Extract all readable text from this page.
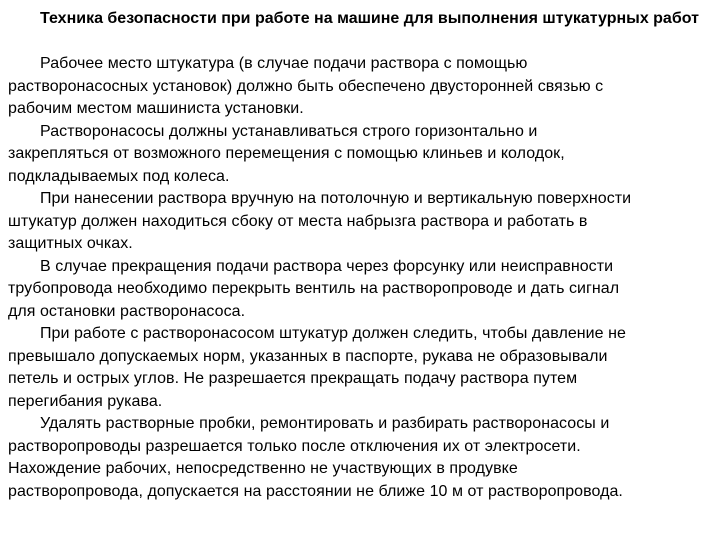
Техника безопасности при работе на машине для выполнения штукатурных работ

Рабочее место штукатура (в случае подачи раствора с помощью
растворонасосных установок) должно быть обеспечено двусторонней связью с
рабочим местом машиниста установки.

Растворонасосы должны устанавливаться строго горизонтально и
закрепляться от возможного перемещения с помощью клиньев и колодок,
подкладываемых под колеса.

При нанесении раствора вручную на потолочную и вертикальную поверхности
штукатур должен находиться сбоку от места набрызга раствора и работать в
защитных очках.

В случае прекращения подачи раствора через форсунку или неисправности
трубопровода необходимо перекрыть вентиль на растворопроводе и дать сигнал
для остановки растворонасоса.

При работе с растворонасосом штукатур должен следить, чтобы давление не
превышало допускаемых норм, указанных в паспорте, рукава не образовывали
петель и острых углов. Не разрешается прекращать подачу раствора путем
перегибания рукава.

Удалять растворные пробки, ремонтировать и разбирать растворонасосы и
растворопроводы разрешается только после отключения их от электросети.
Нахождение рабочих, непосредственно не участвующих в продувке
растворопровода, допускается на расстоянии не ближе 10 м от растворопровода.
